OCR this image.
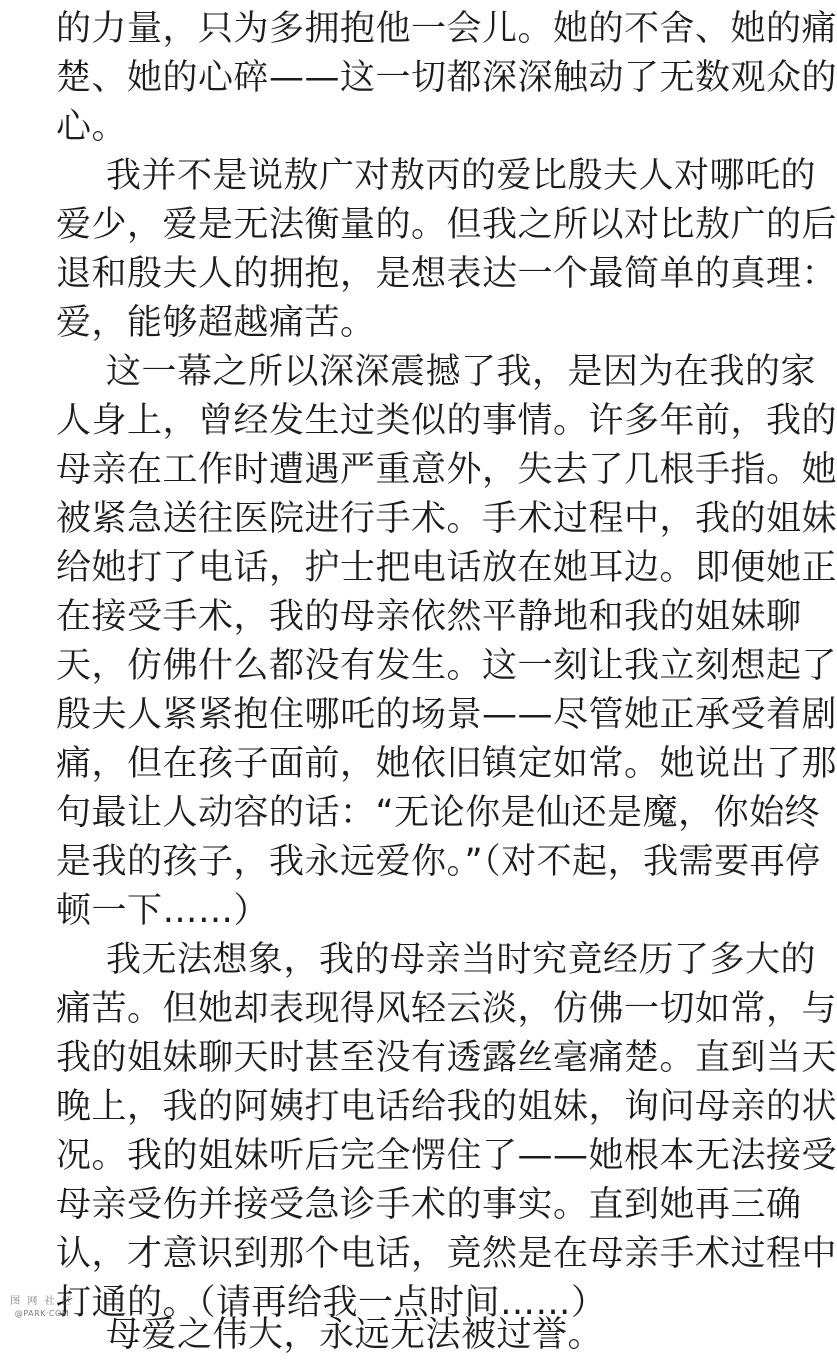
的力量，只为多拥抱他一会儿。她的不舍、她的痛
楚、她的心碎——这一切都深深触动了无数观众的
心。
我并不是说敖广对敖丙的爱比殷夫人对哪吒的
爱少，爱是无法衡量的。但我之所以对比敖广的后
退和殷夫人的拥抱，是想表达一个最简单的真理：
爱，能够超越痛苦。
这一幕之所以深深震撼了我，是因为在我的家
人身上，曾经发生过类似的事情。许多年前，我的
母亲在工作时遭遇严重意外，失去了几根手指。她
被紧急送往医院进行手术。手术过程中，我的姐妹
给她打了电话，护士把电话放在她耳边。即便她正
在接受手术，我的母亲依然平静地和我的姐妹聊
天，仿佛什么都没有发生。这一刻让我立刻想起了
殷夫人紧紧抱住哪吒的场景——尽管她正承受着剧
痛，但在孩子面前，她依旧镇定如常。她说出了那
句最让人动容的话：“无论你是仙还是魔，你始终
是我的孩子，我永远爱你。”（对不起，我需要再停
顿一下……）
我无法想象，我的母亲当时究竟经历了多大的
痛苦。但她却表现得风轻云淡，仿佛一切如常，与
我的姐妹聊天时甚至没有透露丝毫痛楚。直到当天
晚上，我的阿姨打电话给我的姐妹，询问母亲的状
况。我的姐妹听后完全愣住了——她根本无法接受
母亲受伤并接受急诊手术的事实。直到她再三确
认，才意识到那个电话，竟然是在母亲手术过程中
打通的。（请再给我一点时间……）
母爱之伟大，永远无法被过誉。
图 网 社 区
@PARK·COM
